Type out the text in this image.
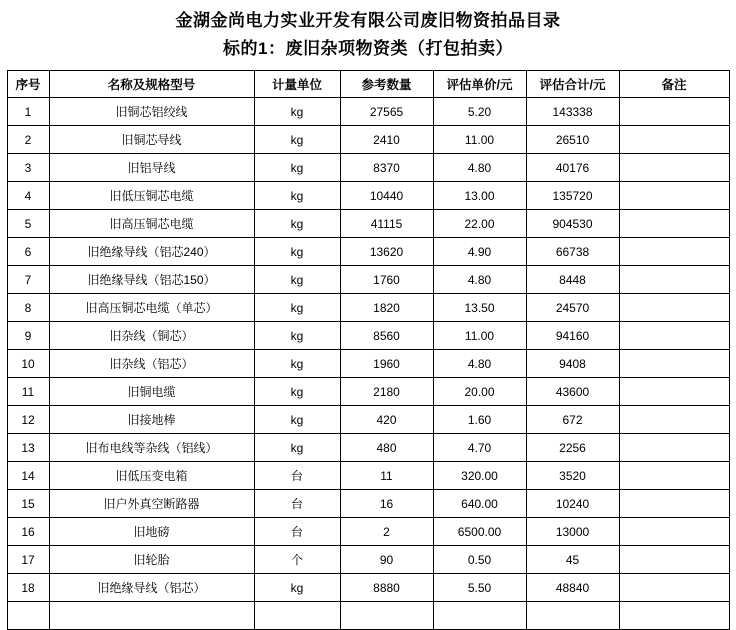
金湖金尚电力实业开发有限公司废旧物资拍品目录
标的1：废旧杂项物资类（打包拍卖）
序号	名称及规格型号	计量单位	参考数量	评估单价/元	评估合计/元	备注
1	旧铜芯铝绞线	kg	27565	5.20	143338	
2	旧铜芯导线	kg	2410	11.00	26510	
3	旧铝导线	kg	8370	4.80	40176	
4	旧低压铜芯电缆	kg	10440	13.00	135720	
5	旧高压铜芯电缆	kg	41115	22.00	904530	
6	旧绝缘导线（铝芯240）	kg	13620	4.90	66738	
7	旧绝缘导线（铝芯150）	kg	1760	4.80	8448	
8	旧高压铜芯电缆（单芯）	kg	1820	13.50	24570	
9	旧杂线（铜芯）	kg	8560	11.00	94160	
10	旧杂线（铝芯）	kg	1960	4.80	9408	
11	旧铜电缆	kg	2180	20.00	43600	
12	旧接地棒	kg	420	1.60	672	
13	旧布电线等杂线（铝线）	kg	480	4.70	2256	
14	旧低压变电箱	台	11	320.00	3520	
15	旧户外真空断路器	台	16	640.00	10240	
16	旧地磅	台	2	6500.00	13000	
17	旧轮胎	个	90	0.50	45	
18	旧绝缘导线（铝芯）	kg	8880	5.50	48840	
